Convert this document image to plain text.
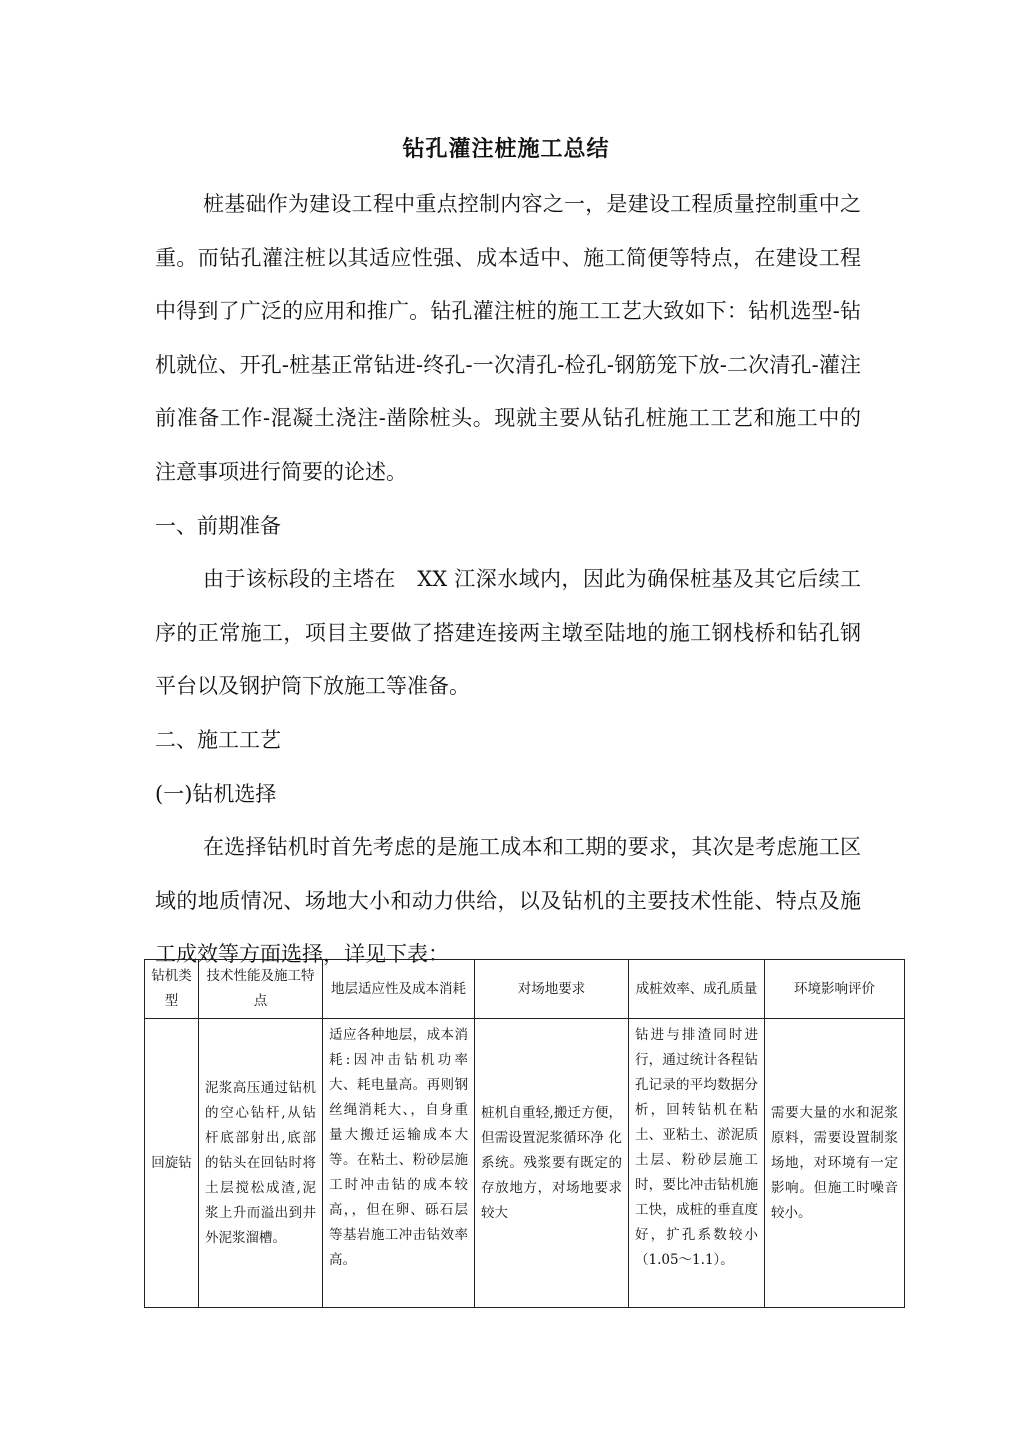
钻孔灌注桩施工总结

桩基础作为建设工程中重点控制内容之一，是建设工程质量控制重中之重。而钻孔灌注桩以其适应性强、成本适中、施工简便等特点，在建设工程中得到了广泛的应用和推广。钻孔灌注桩的施工工艺大致如下：钻机选型-钻机就位、开孔-桩基正常钻进-终孔-一次清孔-检孔-钢筋笼下放-二次清孔-灌注前准备工作-混凝土浇注-凿除桩头。现就主要从钻孔桩施工工艺和施工中的注意事项进行简要的论述。

一、前期准备

由于该标段的主塔在　XX 江深水域内，因此为确保桩基及其它后续工序的正常施工，项目主要做了搭建连接两主墩至陆地的施工钢栈桥和钻孔钢平台以及钢护筒下放施工等准备。

二、施工工艺

(一)钻机选择

在选择钻机时首先考虑的是施工成本和工期的要求，其次是考虑施工区域的地质情况、场地大小和动力供给，以及钻机的主要技术性能、特点及施工成效等方面选择，详见下表：

钻机类型	技术性能及施工特点	地层适应性及成本消耗	对场地要求	成桩效率、成孔质量	环境影响评价
回旋钻	泥浆高压通过钻机的空心钻杆,从钻杆底部射出,底部的钻头在回钻时将土层搅松成渣,泥浆上升而溢出到井外泥浆溜槽。	适应各种地层，成本消耗:因冲击钻机功率大、耗电量高。再则钢丝绳消耗大、，自身重量大搬迁运输成本大等。在粘土、粉砂层施工时冲击钻的成本较高，，但在卵、砾石层等基岩施工冲击钻效率高。	桩机自重轻,搬迁方便，但需设置泥浆循环净 化系统。残浆要有既定的存放地方，对场地要求较大	钻进与排渣同时进行，通过统计各程钻孔记录的平均数据分析，回转钻机在粘土、亚粘土、淤泥质土层、粉砂层施工时，要比冲击钻机施工快，成桩的垂直度好，扩孔系数较小（1.05～1.1）。	需要大量的水和泥浆原料，需要设置制浆场地，对环境有一定影响。但施工时噪音较小。
